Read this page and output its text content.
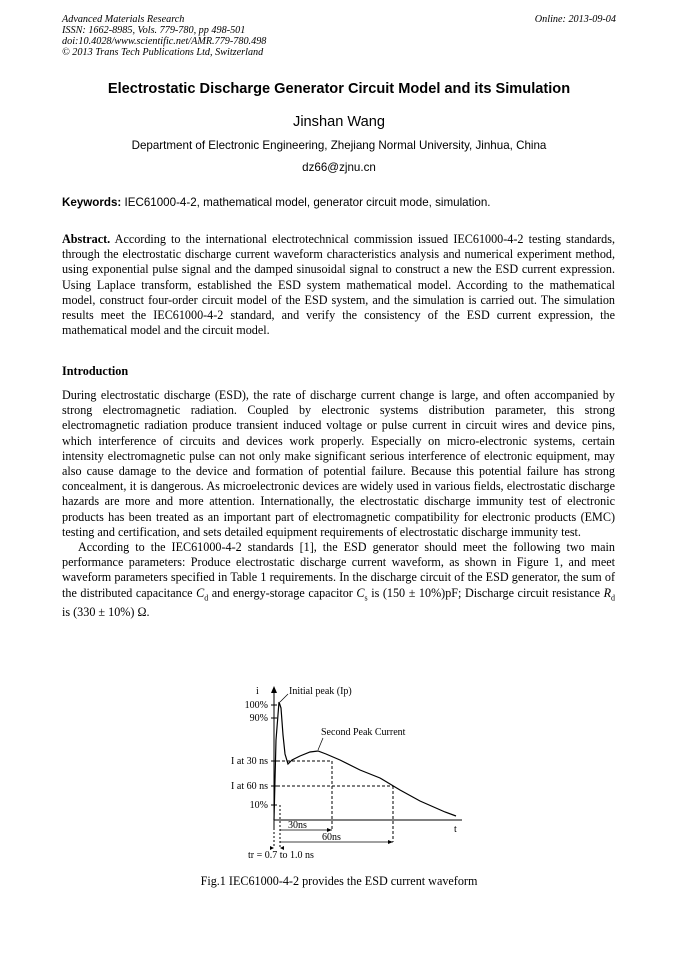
Advanced Materials Research
ISSN: 1662-8985, Vols. 779-780, pp 498-501
doi:10.4028/www.scientific.net/AMR.779-780.498
© 2013 Trans Tech Publications Ltd, Switzerland
Online: 2013-09-04
Electrostatic Discharge Generator Circuit Model and its Simulation
Jinshan Wang
Department of Electronic Engineering, Zhejiang Normal University, Jinhua, China
dz66@zjnu.cn
Keywords: IEC61000-4-2, mathematical model, generator circuit mode, simulation.
Abstract. According to the international electrotechnical commission issued IEC61000-4-2 testing standards, through the electrostatic discharge current waveform characteristics analysis and numerical experiment method, using exponential pulse signal and the damped sinusoidal signal to construct a new the ESD current expression. Using Laplace transform, established the ESD system mathematical model. According to the mathematical model, construct four-order circuit model of the ESD system, and the simulation is carried out. The simulation results meet the IEC61000-4-2 standard, and verify the consistency of the ESD current expression, the mathematical model and the circuit model.
Introduction

During electrostatic discharge (ESD), the rate of discharge current change is large, and often accompanied by strong electromagnetic radiation. Coupled by electronic systems distribution parameter, this strong electromagnetic radiation produce transient induced voltage or pulse current in circuit wires and device pins, which interference of circuits and devices work properly. Especially on micro-electronic systems, certain intensity electromagnetic pulse can not only make significant serious interference of electronic equipment, may also cause damage to the device and formation of potential failure. Because this potential failure has strong concealment, it is dangerous. As microelectronic devices are widely used in various fields, electrostatic discharge hazards are more and more attention. Internationally, the electrostatic discharge immunity test of electronic products has been treated as an important part of electromagnetic compatibility for electronic products (EMC) testing and certification, and sets detailed equipment requirements of electrostatic discharge immunity test.

According to the IEC61000-4-2 standards [1], the ESD generator should meet the following two main performance parameters: Produce electrostatic discharge current waveform, as shown in Figure 1, and meet waveform parameters specified in Table 1 requirements. In the discharge circuit of the ESD generator, the sum of the distributed capacitance $C_d$ and energy-storage capacitor $C_s$ is (150 ± 10%)pF; Discharge circuit resistance $R_d$ is (330 ± 10%) Ω.

i
t
100%
90%
I at 30 ns
I at 60 ns
10%
Initial peak (Ip)
Second Peak Current
30ns
60ns
tr = 0.7 to 1.0 ns
Fig.1 IEC61000-4-2 provides the ESD current waveform
